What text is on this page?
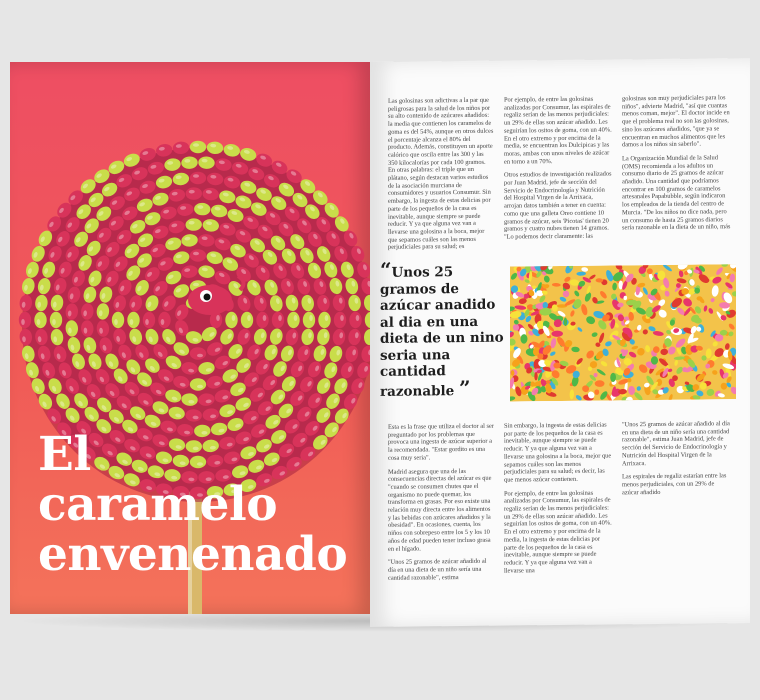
El
caramelo
envenenado

Las golosinas son adictivas a la par que peligrosas para la salud de los niños por su alto contenido de azúcares añadidos: la media que contienen los caramelos de goma es del 54%, aunque en otros dulces el porcentaje alcanza el 80% del producto. Además, constituyen un aporte calórico que oscila entre las 300 y las 350 kilocalorías por cada 100 gramos. En otras palabras: el triple que un plátano, según destacan varios estudios de la asociación murciana de consumidores y usuarios Consumur. Sin embargo, la ingesta de estas delicias por parte de los pequeños de la casa es inevitable, aunque siempre se puede reducir. Y ya que alguna vez van a llevarse una golosina a la boca, mejor que sepamos cuáles son las menos perjudiciales para su salud; es

Por ejemplo, de entre las golosinas analizadas por Consumur, las espirales de regaliz serían de las menos perjudiciales: un 29% de ellas son azúcar añadido. Les seguirían los ositos de goma, con un 40%. En el otro extremo y por encima de la media, se encuentran los Dulcipicas y las moras, ambas con unos niveles de azúcar en torno a un 70%.

Otros estudios de investigación realizados por Juan Madrid, jefe de sección del Servicio de Endocrinología y Nutrición del Hospital Virgen de la Arrixaca, arrojan datos también a tener en cuenta: como que una galleta Oreo contiene 10 gramos de azúcar, seis 'Picotas' tienen 20 gramos y cuatro nubes tienen 14 gramos. "Lo podemos decir claramente: las

golosinas son muy perjudiciales para los niños", advierte Madrid, "así que cuantas menos coman, mejor". El doctor incide en que el problema real no son las golosinas, sino los azúcares añadidos, "que ya se encuentran en muchos alimentos que les damos a los niños sin saberlo".

La Organización Mundial de la Salud (OMS) recomienda a los adultos un consumo diario de 25 gramos de azúcar añadido. Una cantidad que podríamos encontrar en 100 gramos de caramelos artesanales Papabubble, según indicaron los empleados de la tienda del centro de Murcia. "De los niños no dice nada, pero un consumo de hasta 25 gramos diarios sería razonable en la dieta de un niño, más

“Unos 25 gramos de azúcar anadido al dia en una dieta de un nino seria una cantidad razonable ”

Esta es la frase que utiliza el doctor al ser preguntado por los problemas que provoca una ingesta de azúcar superior a la recomendada. "Estar gordito es una cosa muy seria".

Madrid asegura que una de las consecuencias directas del azúcar es que "cuando se consumen chutes que el organismo no puede quemar, los transforma en grasas. Por eso existe una relación muy directa entre los alimentos y las bebidas con azúcares añadidos y la obesidad". En ocasiones, cuenta, los niños con sobrepeso entre los 5 y los 10 años de edad pueden tener incluso grasa en el hígado.

"Unos 25 gramos de azúcar añadido al día en una dieta de un niño sería una cantidad razonable", estima

Sin embargo, la ingesta de estas delicias por parte de los pequeños de la casa es inevitable, aunque siempre se puede reducir. Y ya que alguna vez van a llevarse una golosina a la boca, mejor que sepamos cuáles son las menos perjudiciales para su salud; es decir, las que menos azúcar contienen.

Por ejemplo, de entre las golosinas analizadas por Consumur, las espirales de regaliz serían de las menos perjudiciales: un 29% de ellas son azúcar añadido. Les seguirían los ositos de goma, con un 40%. En el otro extremo y por encima de la media, la ingesta de estas delicias por parte de los pequeños de la casa es inevitable, aunque siempre se puede reducir. Y ya que alguna vez van a llevarse una

"Unos 25 gramos de azúcar añadido al día en una dieta de un niño sería una cantidad razonable", estima Juan Madrid, jefe de sección del Servicio de Endocrinología y Nutrición del Hospital Virgen de la Arrixaca.

Las espirales de regaliz estarían entre las menos perjudiciales, con un 29% de azúcar añadido
